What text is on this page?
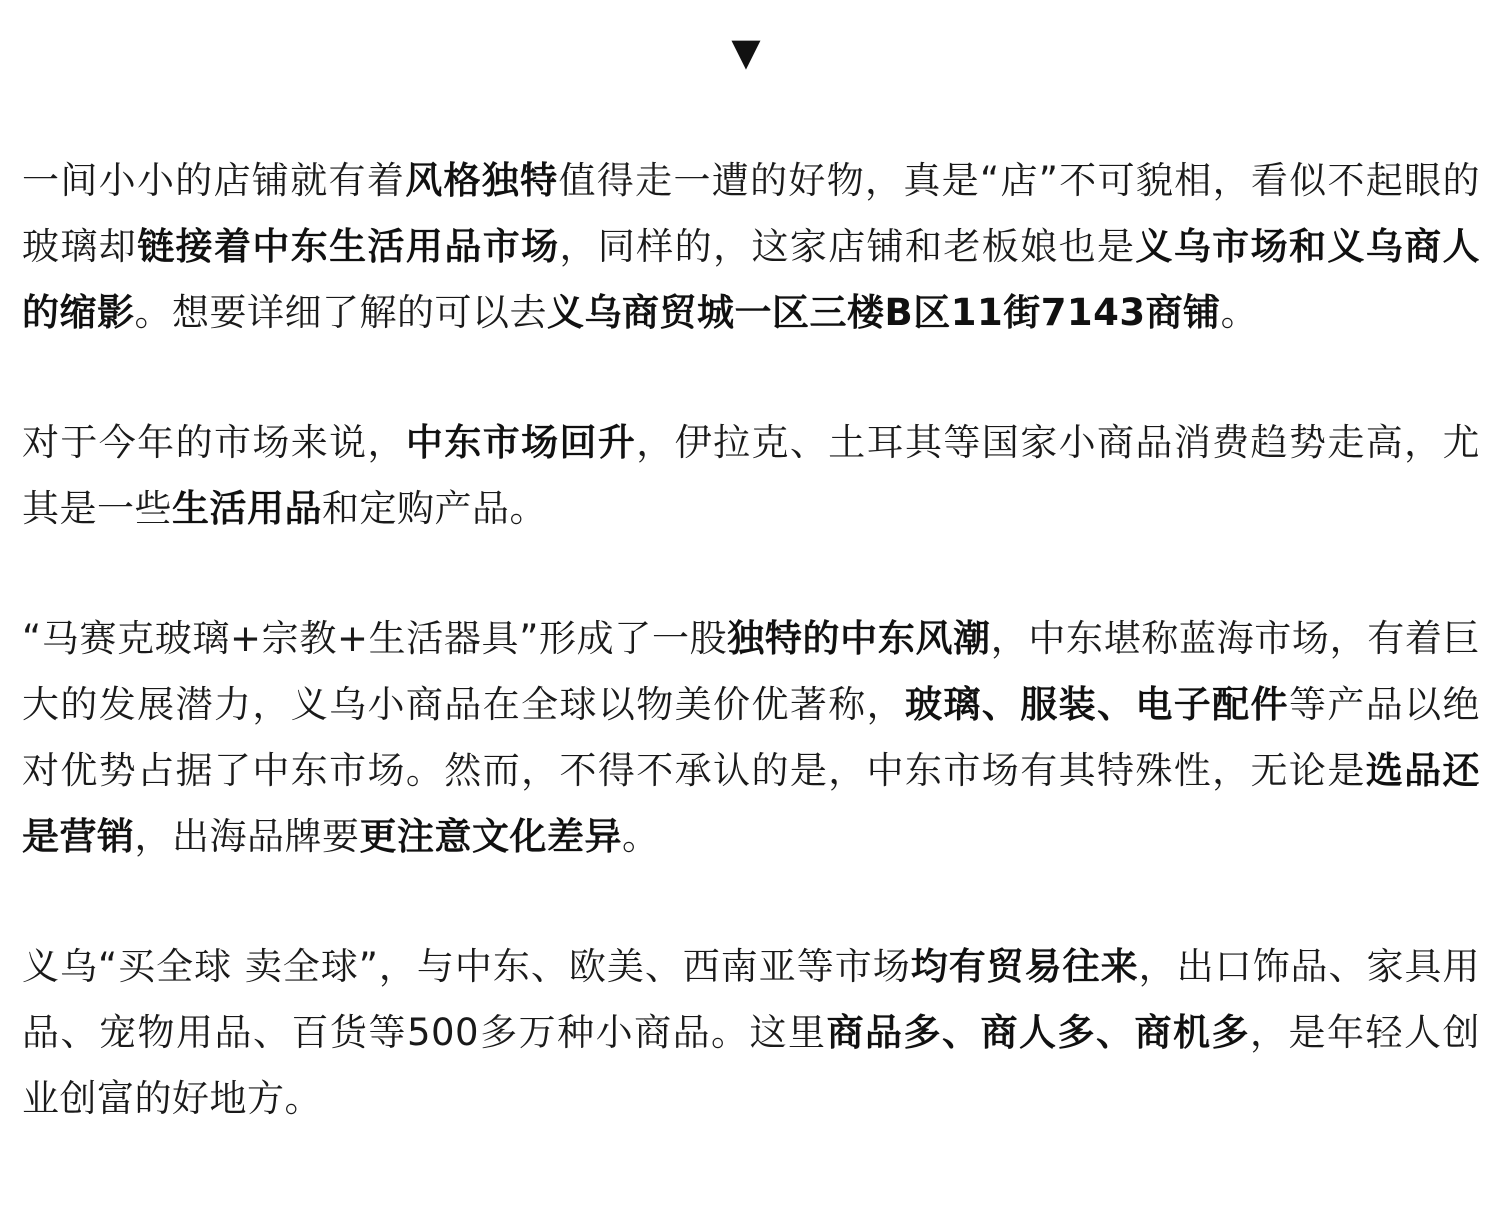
▼

一间小小的店铺就有着风格独特值得走一遭的好物，真是“店”不可貌相，看似不起眼的玻璃却链接着中东生活用品市场，同样的，这家店铺和老板娘也是义乌市场和义乌商人的缩影。想要详细了解的可以去义乌商贸城一区三楼B区11街7143商铺。

对于今年的市场来说，中东市场回升，伊拉克、土耳其等国家小商品消费趋势走高，尤其是一些生活用品和定购产品。

“马赛克玻璃+宗教+生活器具”形成了一股独特的中东风潮，中东堪称蓝海市场，有着巨大的发展潜力，义乌小商品在全球以物美价优著称，玻璃、服装、电子配件等产品以绝对优势占据了中东市场。然而，不得不承认的是，中东市场有其特殊性，无论是选品还是营销，出海品牌要更注意文化差异。

义乌“买全球 卖全球”，与中东、欧美、西南亚等市场均有贸易往来，出口饰品、家具用品、宠物用品、百货等500多万种小商品。这里商品多、商人多、商机多，是年轻人创业创富的好地方。
